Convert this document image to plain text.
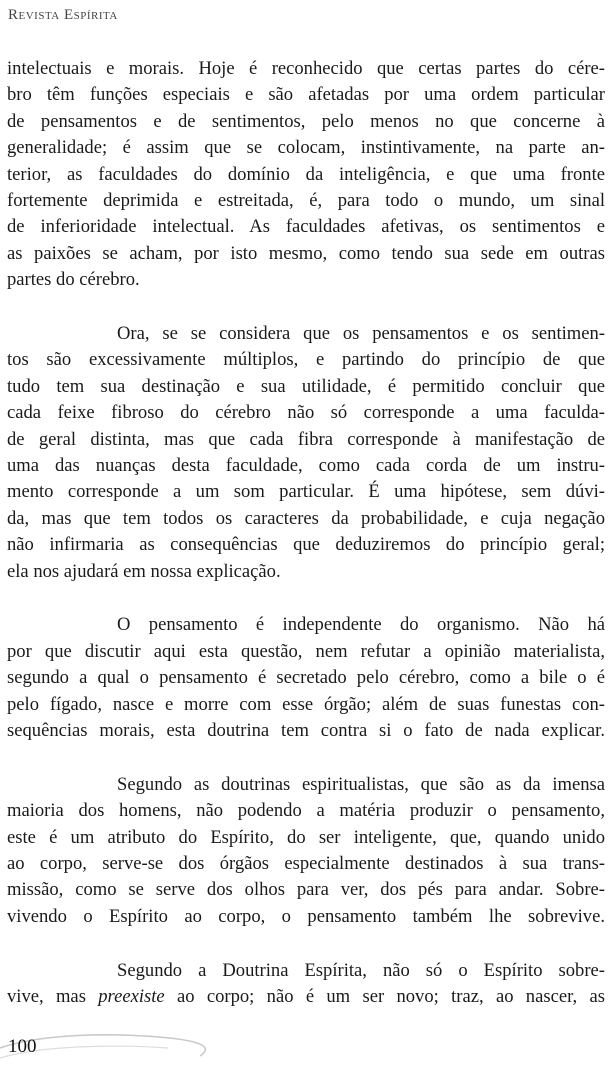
Revista Espírita

intelectuais e morais. Hoje é reconhecido que certas partes do cére-
bro têm funções especiais e são afetadas por uma ordem particular
de pensamentos e de sentimentos, pelo menos no que concerne à
generalidade; é assim que se colocam, instintivamente, na parte an-
terior, as faculdades do domínio da inteligência, e que uma fronte
fortemente deprimida e estreitada, é, para todo o mundo, um sinal
de inferioridade intelectual. As faculdades afetivas, os sentimentos e
as paixões se acham, por isto mesmo, como tendo sua sede em outras
partes do cérebro.

Ora, se se considera que os pensamentos e os sentimen-
tos são excessivamente múltiplos, e partindo do princípio de que
tudo tem sua destinação e sua utilidade, é permitido concluir que
cada feixe fibroso do cérebro não só corresponde a uma faculda-
de geral distinta, mas que cada fibra corresponde à manifestação de
uma das nuanças desta faculdade, como cada corda de um instru-
mento corresponde a um som particular. É uma hipótese, sem dúvi-
da, mas que tem todos os caracteres da probabilidade, e cuja negação
não infirmaria as consequências que deduziremos do princípio geral;
ela nos ajudará em nossa explicação.

O pensamento é independente do organismo. Não há
por que discutir aqui esta questão, nem refutar a opinião materialista,
segundo a qual o pensamento é secretado pelo cérebro, como a bile o é
pelo fígado, nasce e morre com esse órgão; além de suas funestas con-
sequências morais, esta doutrina tem contra si o fato de nada explicar.

Segundo as doutrinas espiritualistas, que são as da imensa
maioria dos homens, não podendo a matéria produzir o pensamento,
este é um atributo do Espírito, do ser inteligente, que, quando unido
ao corpo, serve-se dos órgãos especialmente destinados à sua trans-
missão, como se serve dos olhos para ver, dos pés para andar. Sobre-
vivendo o Espírito ao corpo, o pensamento também lhe sobrevive.

Segundo a Doutrina Espírita, não só o Espírito sobre-
vive, mas preexiste ao corpo; não é um ser novo; traz, ao nascer, as

100
